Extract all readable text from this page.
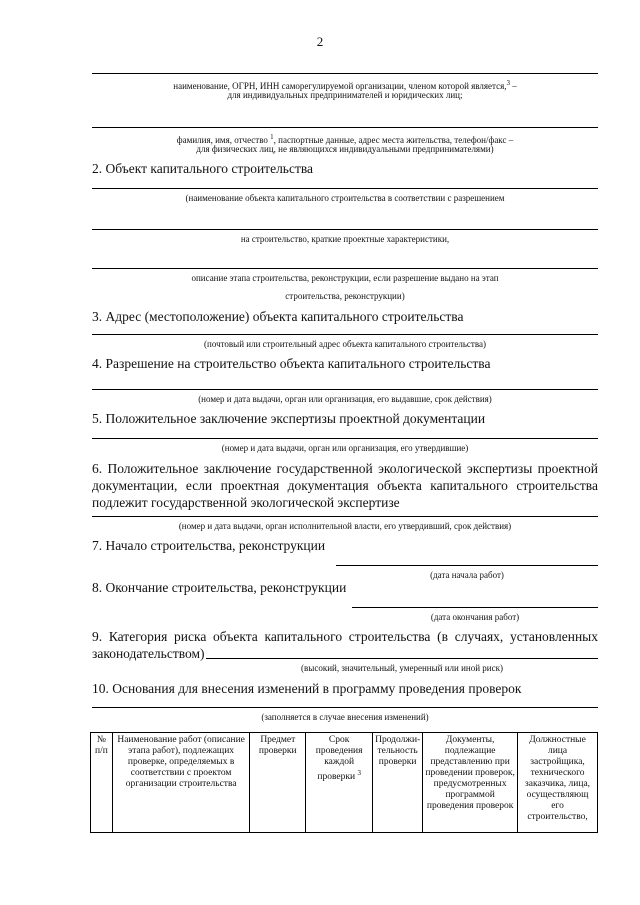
2
наименование, ОГРН, ИНН саморегулируемой организации, членом которой является,$^3$ –
для индивидуальных предпринимателей и юридических лиц;
фамилия, имя, отчество $^1$, паспортные данные, адрес места жительства, телефон/факс –
для физических лиц, не являющихся индивидуальными предпринимателями)
2. Объект капитального строительства
(наименование объекта капитального строительства в соответствии с разрешением
на строительство, краткие проектные характеристики,
описание этапа строительства, реконструкции, если разрешение выдано на этап
строительства, реконструкции)
3. Адрес (местоположение) объекта капитального строительства
(почтовый или строительный адрес объекта капитального строительства)
4. Разрешение на строительство объекта капитального строительства
(номер и дата выдачи, орган или организация, его выдавшие, срок действия)
5. Положительное заключение экспертизы проектной документации
(номер и дата выдачи, орган или организация, его утвердившие)
6. Положительное заключение государственной экологической экспертизы проектной документации, если проектная документация объекта капитального строительства подлежит государственной экологической экспертизе
(номер и дата выдачи, орган исполнительной власти, его утвердивший, срок действия)
7. Начало строительства, реконструкции
(дата начала работ)
8. Окончание строительства, реконструкции
(дата окончания работ)
9. Категория риска объекта капитального строительства (в случаях, установленных законодательством)
(высокий, значительный, умеренный или иной риск)
10. Основания для внесения изменений в программу проведения проверок
(заполняется в случае внесения изменений)
№ п/п	Наименование работ (описание этапа работ), подлежащих проверке, определяемых в соответствии с проектом организации строительства	Предмет проверки	Срок проведения каждой проверки $^3$	Продолжи-тельность проверки	Документы, подлежащие представлению при проведении проверок, предусмотренных программой проведения проверок	Должностные лица застройщика, технического заказчика, лица, осуществляющ его строительство,
